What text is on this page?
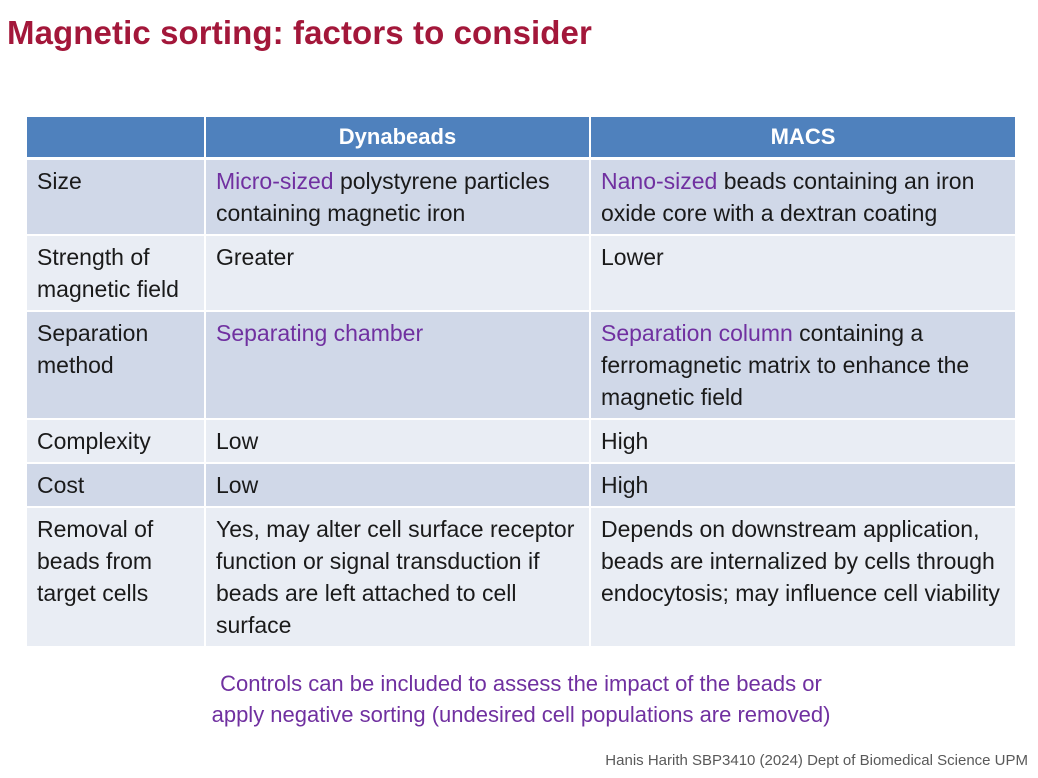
Magnetic sorting: factors to consider
	Dynabeads	MACS
Size	Micro-sized polystyrene particles containing magnetic iron	Nano-sized beads containing an iron oxide core with a dextran coating
Strength of magnetic field	Greater	Lower
Separation method	Separating chamber	Separation column containing a ferromagnetic matrix to enhance the magnetic field
Complexity	Low	High
Cost	Low	High
Removal of beads from target cells	Yes, may alter cell surface receptor function or signal transduction if beads are left attached to cell surface	Depends on downstream application, beads are internalized by cells through endocytosis; may influence cell viability
Controls can be included to assess the impact of the beads or
apply negative sorting (undesired cell populations are removed)
Hanis Harith SBP3410 (2024) Dept of Biomedical Science UPM
